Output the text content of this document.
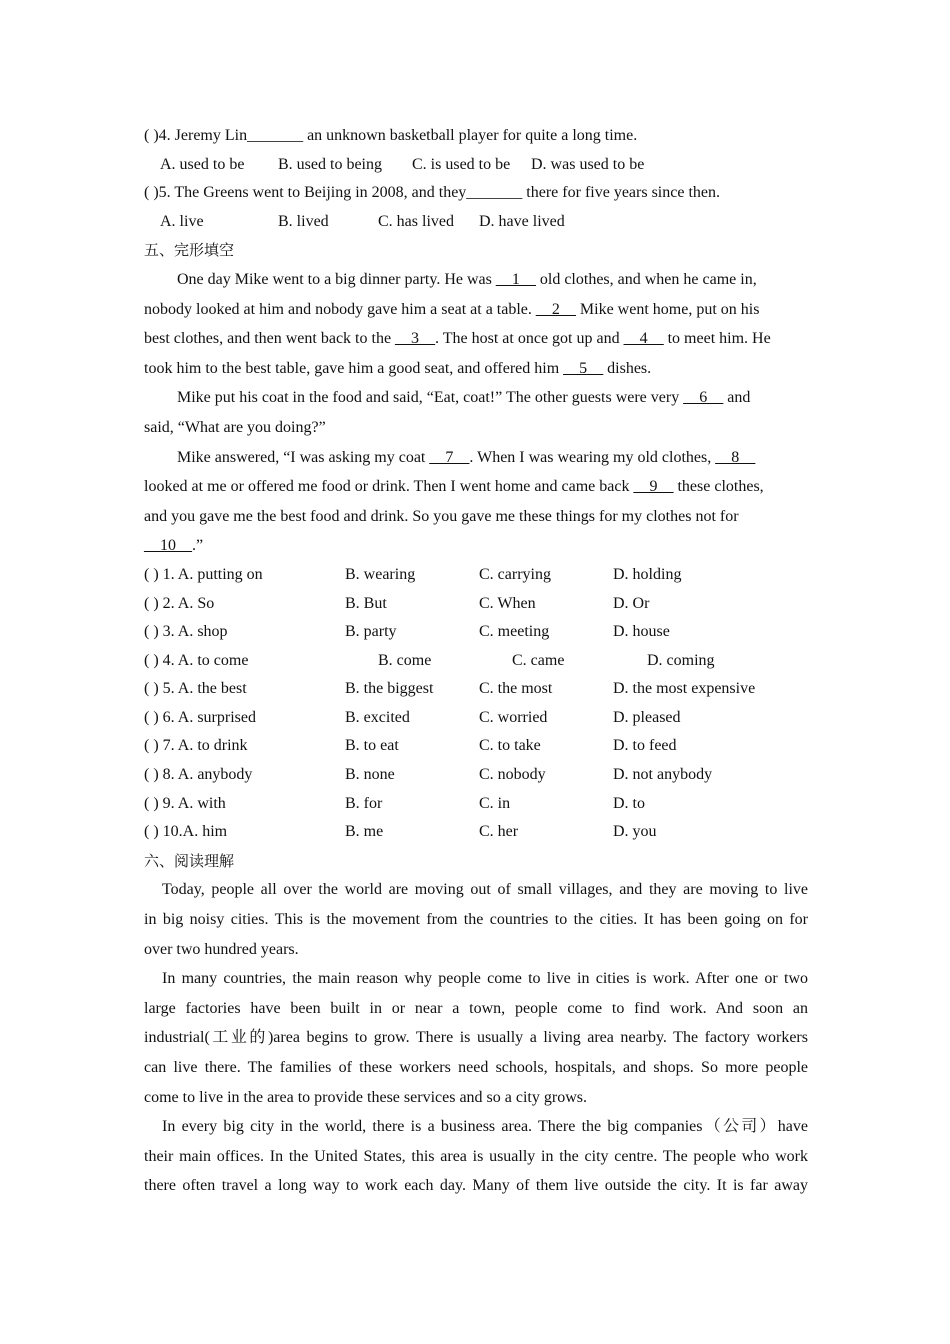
( )4. Jeremy Lin_______ an unknown basketball player for quite a long time.
A. used to be B. used to being C. is used to be D. was used to be
( )5. The Greens went to Beijing in 2008, and they_______ there for five years since then.
A. live	B. lived	C. has lived D. have lived
五、完形填空
One day Mike went to a big dinner party. He was __1__ old clothes, and when he came in,
nobody looked at him and nobody gave him a seat at a table. __2__ Mike went home, put on his
best clothes, and then went back to the __3__. The host at once got up and __4__ to meet him. He
took him to the best table, gave him a good seat, and offered him __5__ dishes.
Mike put his coat in the food and said, “Eat, coat!” The other guests were very __6__ and
said, “What are you doing?”
Mike answered, “I was asking my coat __7__. When I was wearing my old clothes, __8__
looked at me or offered me food or drink. Then I went home and came back __9__ these clothes,
and you gave me the best food and drink. So you gave me these things for my clothes not for
__10__.”
( ) 1. A. putting on	B. wearing	C. carrying	D. holding
( ) 2. A. So	B. But	C. When	D. Or
( ) 3. A. shop	B. party	C. meeting	D. house
( ) 4. A. to come	B. come	C. came	D. coming
( ) 5. A. the best	B. the biggest	C. the most	D. the most expensive
( ) 6. A. surprised	B. excited	C. worried	D. pleased
( ) 7. A. to drink	B. to eat	C. to take	D. to feed
( ) 8. A. anybody	B. none	C. nobody	D. not anybody
( ) 9. A. with	B. for	C. in	D. to
( ) 10.A. him	B. me	C. her	D. you
六、阅读理解
Today, people all over the world are moving out of small villages, and they are moving to live
in big noisy cities. This is the movement from the countries to the cities. It has been going on for
over two hundred years.
In many countries, the main reason why people come to live in cities is work. After one or two
large factories have been built in or near a town, people come to find work. And soon an
industrial(工业的)area begins to grow. There is usually a living area nearby. The factory workers
can live there. The families of these workers need schools, hospitals, and shops. So more people
come to live in the area to provide these services and so a city grows.
In every big city in the world, there is a business area. There the big companies（公司）have
their main offices. In the United States, this area is usually in the city centre. The people who work
there often travel a long way to work each day. Many of them live outside the city. It is far away
